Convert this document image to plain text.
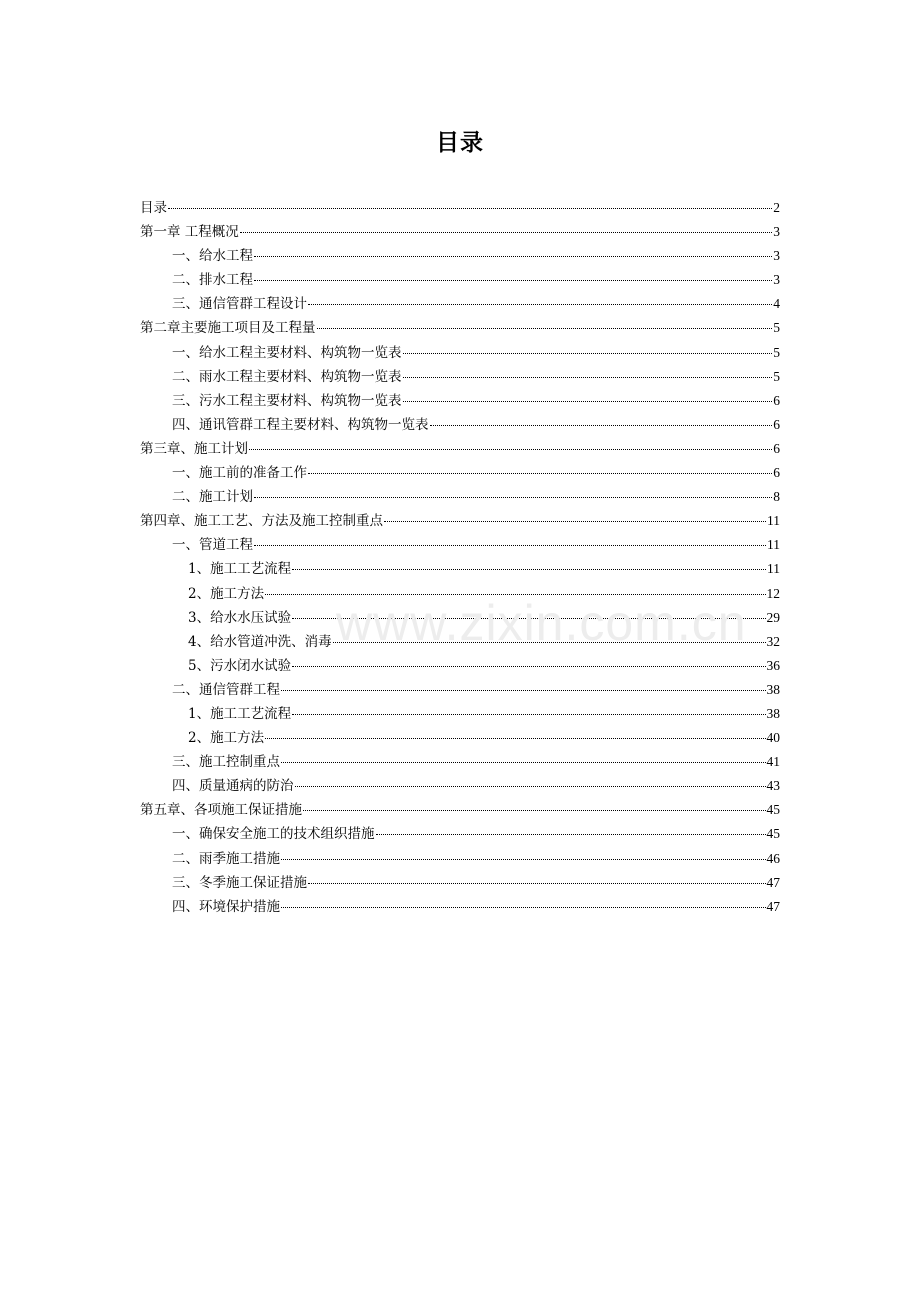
目录
目录	2
第一章 工程概况	3
一、给水工程	3
二、排水工程	3
三、通信管群工程设计	4
第二章主要施工项目及工程量	5
一、给水工程主要材料、构筑物一览表	5
二、雨水工程主要材料、构筑物一览表	5
三、污水工程主要材料、构筑物一览表	6
四、通讯管群工程主要材料、构筑物一览表	6
第三章、施工计划	6
一、施工前的准备工作	6
二、施工计划	8
第四章、施工工艺、方法及施工控制重点	11
一、管道工程	11
1、施工工艺流程	11
2、施工方法	12
3、给水水压试验	29
4、给水管道冲洗、消毒	32
5、污水闭水试验	36
二、通信管群工程	38
1、施工工艺流程	38
2、施工方法	40
三、施工控制重点	41
四、质量通病的防治	43
第五章、各项施工保证措施	45
一、确保安全施工的技术组织措施	45
二、雨季施工措施	46
三、冬季施工保证措施	47
四、环境保护措施	47
www.zixin.com.cn
